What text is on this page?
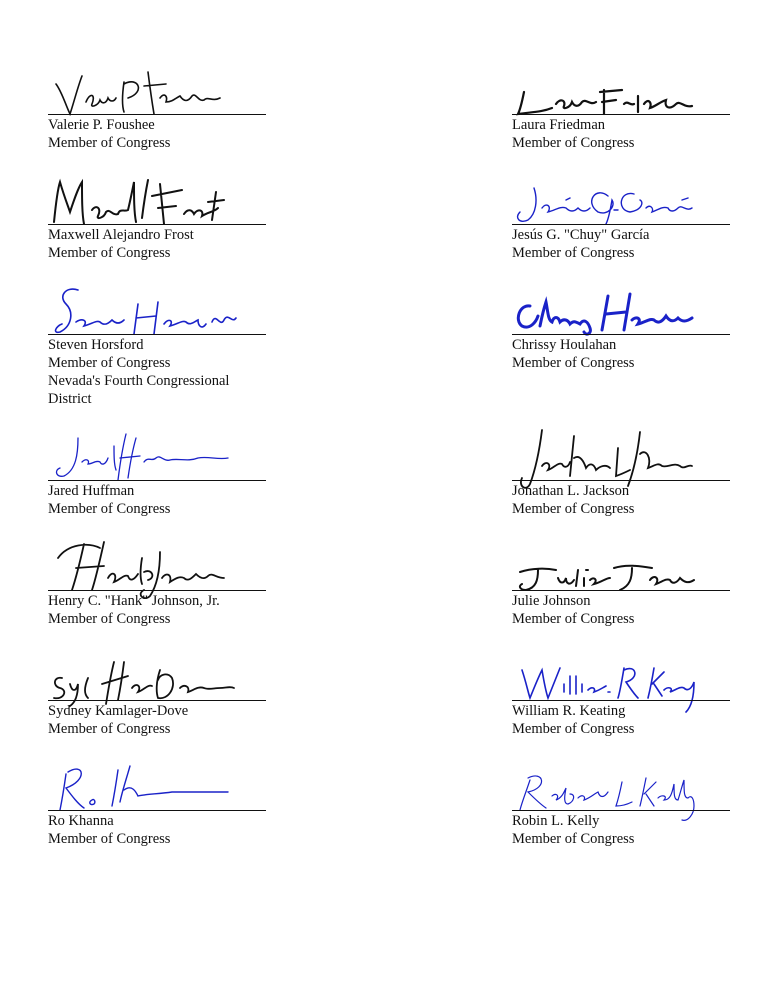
Valerie P. Foushee
Member of Congress
Laura Friedman
Member of Congress
Maxwell Alejandro Frost
Member of Congress
Jesús G. "Chuy" García
Member of Congress
Steven Horsford
Member of Congress
Nevada's Fourth Congressional
District
Chrissy Houlahan
Member of Congress
Jared Huffman
Member of Congress
Jonathan L. Jackson
Member of Congress
Henry C. "Hank" Johnson, Jr.
Member of Congress
Julie Johnson
Member of Congress
Sydney Kamlager-Dove
Member of Congress
William R. Keating
Member of Congress
Ro Khanna
Member of Congress
Robin L. Kelly
Member of Congress
